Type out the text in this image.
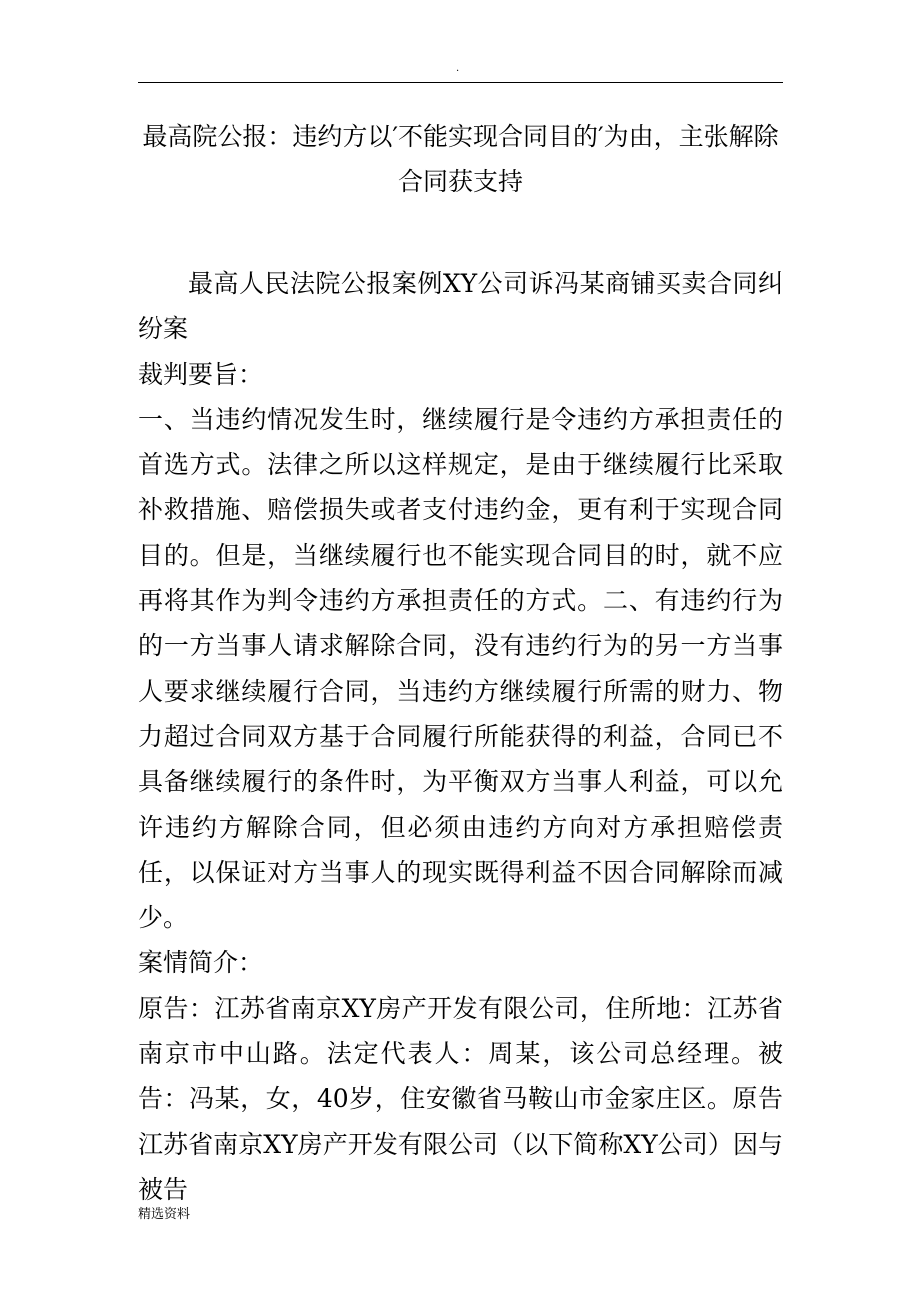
.
最高院公报：违约方以′不能实现合同目的′为由，主张解除合同获支持

最高人民法院公报案例XY公司诉冯某商铺买卖合同纠纷案

裁判要旨：

一、当违约情况发生时，继续履行是令违约方承担责任的首选方式。法律之所以这样规定，是由于继续履行比采取补救措施、赔偿损失或者支付违约金，更有利于实现合同目的。但是，当继续履行也不能实现合同目的时，就不应再将其作为判令违约方承担责任的方式。二、有违约行为的一方当事人请求解除合同，没有违约行为的另一方当事人要求继续履行合同，当违约方继续履行所需的财力、物力超过合同双方基于合同履行所能获得的利益，合同已不具备继续履行的条件时，为平衡双方当事人利益，可以允许违约方解除合同，但必须由违约方向对方承担赔偿责任，以保证对方当事人的现实既得利益不因合同解除而减少。

案情简介：

原告：江苏省南京XY房产开发有限公司，住所地：江苏省南京市中山路。法定代表人：周某，该公司总经理。被告：冯某，女，40岁，住安徽省马鞍山市金家庄区。原告江苏省南京XY房产开发有限公司（以下简称XY公司）因与被告

精选资料
